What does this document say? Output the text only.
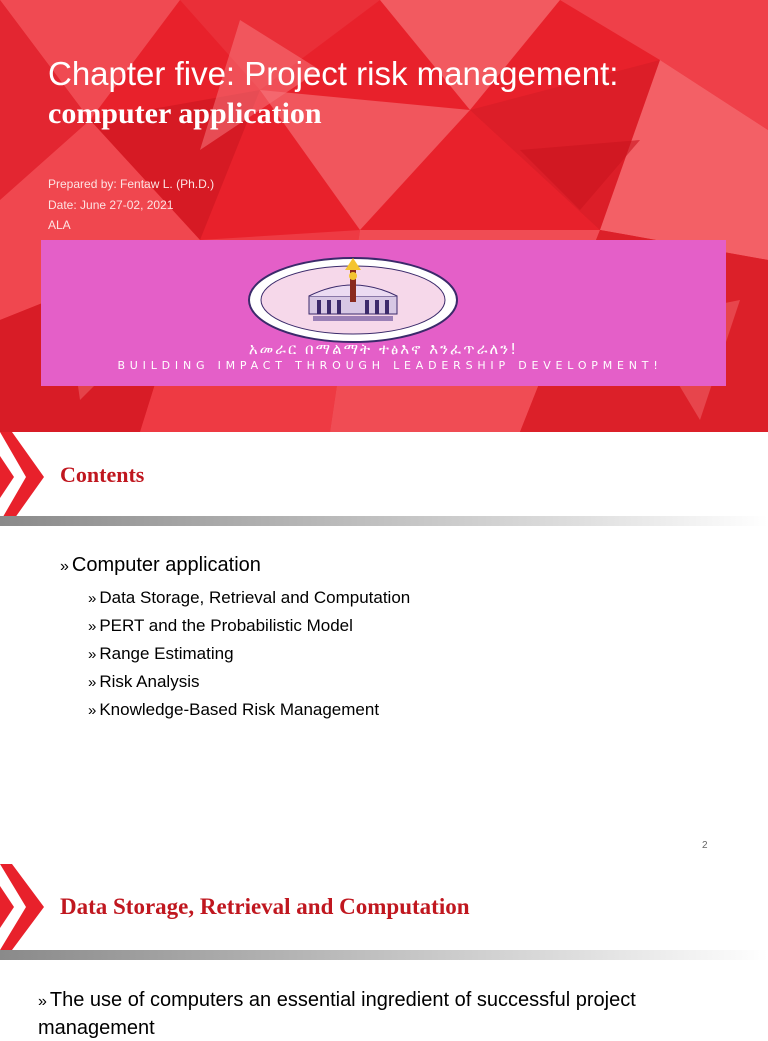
Chapter five: Project risk management:
computer application
Prepared by: Fentaw L. (Ph.D.)
Date: June 27-02, 2021
ALA
አመራር በማልማት ተፅእኖ እንፈጥራለን!
BUILDING IMPACT THROUGH LEADERSHIP DEVELOPMENT!
Contents
» Computer application
» Data Storage, Retrieval and Computation
» PERT and the Probabilistic Model
» Range Estimating
» Risk Analysis
» Knowledge-Based Risk Management
2
Data Storage, Retrieval and Computation
» The use of computers an essential ingredient of successful project management
